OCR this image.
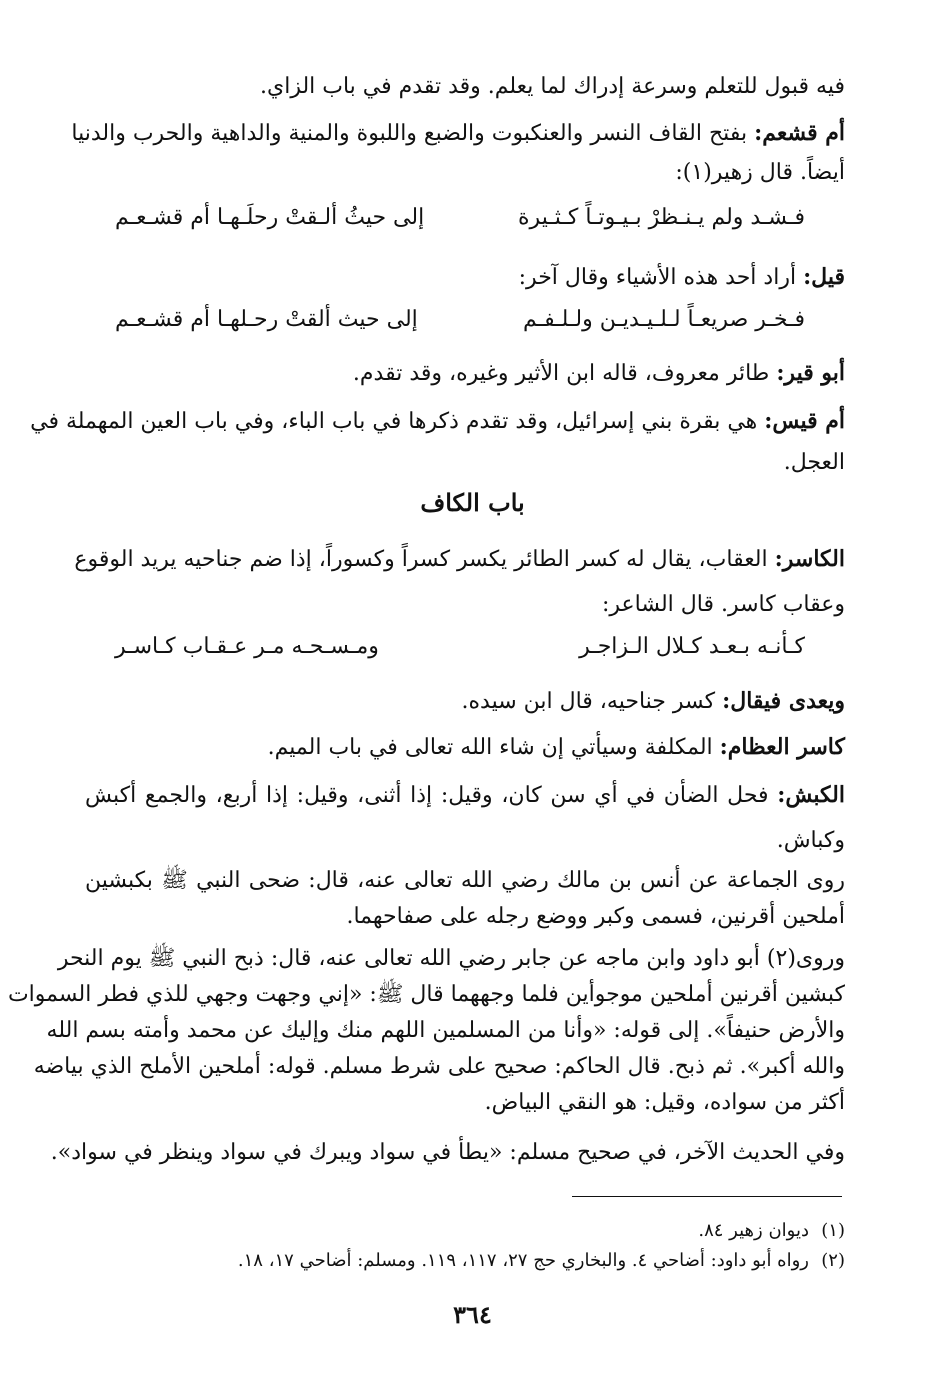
فيه قبول للتعلم وسرعة إدراك لما يعلم. وقد تقدم في باب الزاي.
أم قشعم: بفتح القاف النسر والعنكبوت والضبع واللبوة والمنية والداهية والحرب والدنيا
أيضاً. قال زهير(١):
فـشـد ولم يـنـظرْ بـيـوتـاً كـثـيرة
إلى حيثُ ألـقتْ رحلَـهـا أم قشـعـم
قيل: أراد أحد هذه الأشياء وقال آخر:
فـخـر صريعـاً لـلـيـديـن ولـلـفـم
إلى حيث ألقتْ رحـلهـا أم قشـعـم
أبو قير: طائر معروف، قاله ابن الأثير وغيره، وقد تقدم.
أم قيس: هي بقرة بني إسرائيل، وقد تقدم ذكرها في باب الباء، وفي باب العين المهملة في
العجل.
باب الكاف
الكاسر: العقاب، يقال له كسر الطائر يكسر كسراً وكسوراً، إذا ضم جناحيه يريد الوقوع
وعقاب كاسر. قال الشاعر:
كـأنـه بـعـد كـلال الـزاجـر
ومـسـحـه مـر عـقـاب كـاسـر
ويعدى فيقال: كسر جناحيه، قال ابن سيده.
كاسر العظام: المكلفة وسيأتي إن شاء الله تعالى في باب الميم.
الكبش: فحل الضأن في أي سن كان، وقيل: إذا أثنى، وقيل: إذا أربع، والجمع أكبش
وكباش.
روى الجماعة عن أنس بن مالك رضي الله تعالى عنه، قال: ضحى النبي ﷺ بكبشين
أملحين أقرنين، فسمى وكبر ووضع رجله على صفاحهما.
وروى(٢) أبو داود وابن ماجه عن جابر رضي الله تعالى عنه، قال: ذبح النبي ﷺ يوم النحر
كبشين أقرنين أملحين موجوأين فلما وجههما قال ﷺ: «إني وجهت وجهي للذي فطر السموات
والأرض حنيفاً». إلى قوله: «وأنا من المسلمين اللهم منك وإليك عن محمد وأمته بسم الله
والله أكبر». ثم ذبح. قال الحاكم: صحيح على شرط مسلم. قوله: أملحين الأملح الذي بياضه
أكثر من سواده، وقيل: هو النقي البياض.
وفي الحديث الآخر، في صحيح مسلم: «يطأ في سواد ويبرك في سواد وينظر في سواد».
(١)ديوان زهير ٨٤.
(٢)رواه أبو داود: أضاحي ٤. والبخاري حج ٢٧، ١١٧، ١١٩. ومسلم: أضاحي ١٧، ١٨.
٣٦٤
